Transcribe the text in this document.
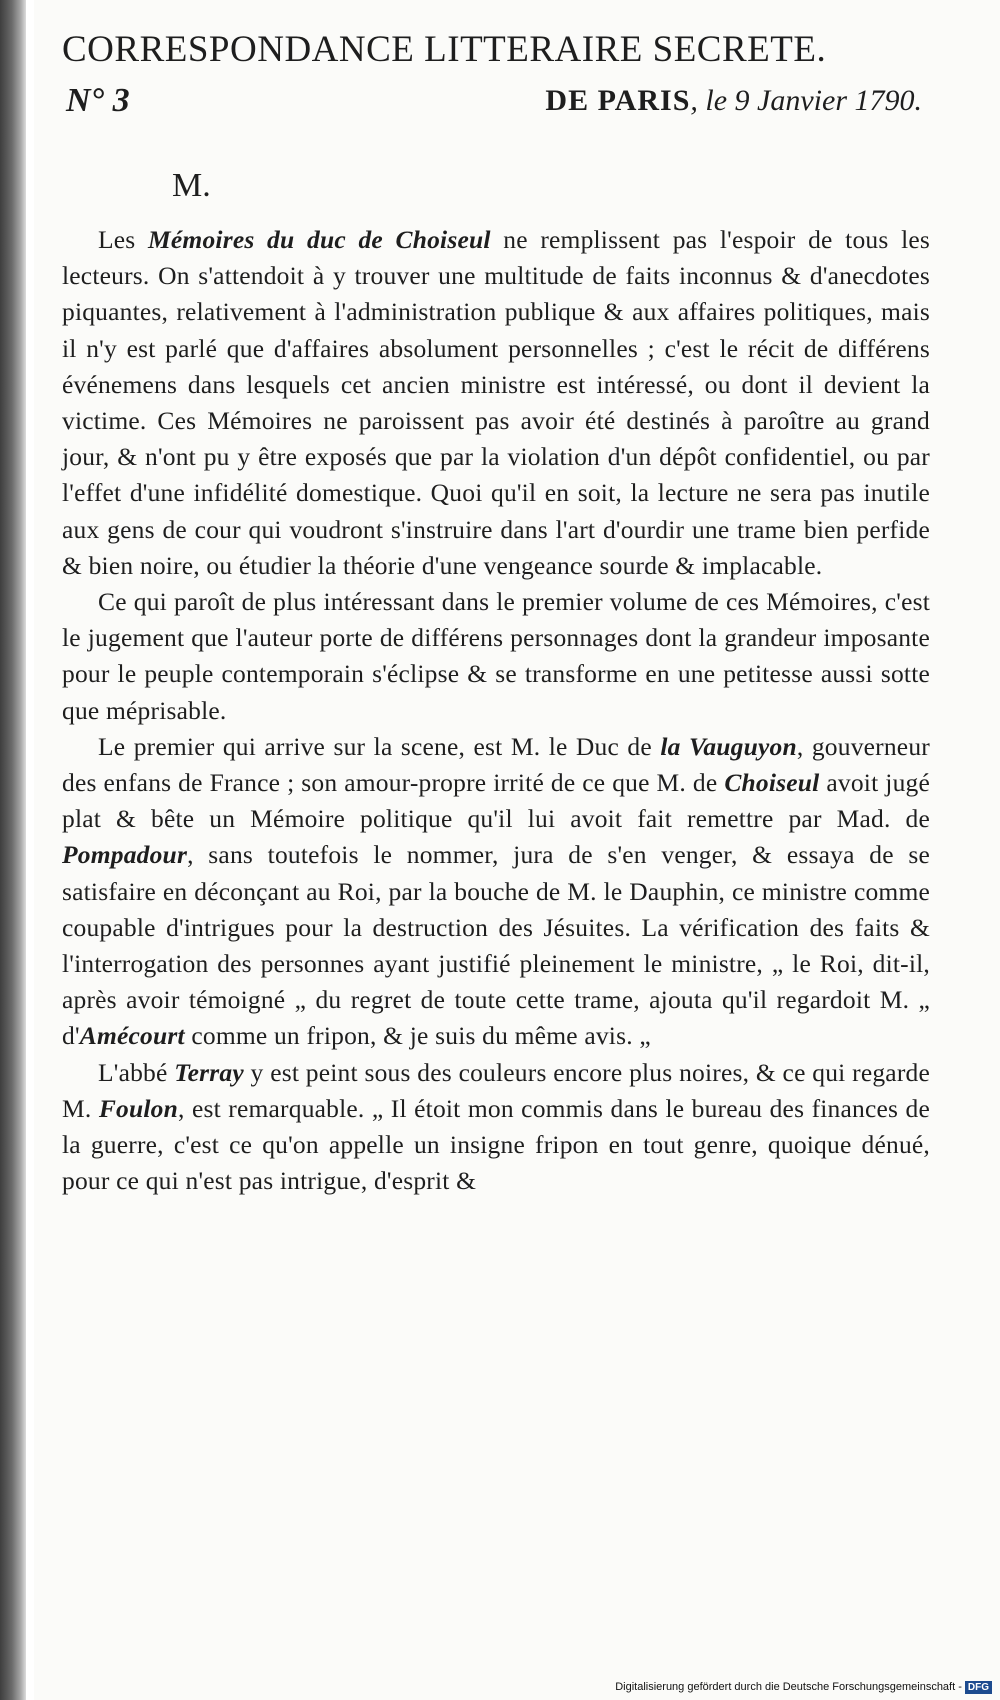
CORRESPONDANCE LITTERAIRE SECRETE.
N° 3	DE PARIS, le 9 Janvier 1790.
M.

Les Mémoires du duc de Choiseul ne remplissent pas l'espoir de tous les lecteurs. On s'attendoit à y trouver une multitude de faits inconnus & d'anecdotes piquantes, relativement à l'administration publique & aux affaires politiques, mais il n'y est parlé que d'affaires absolument personnelles ; c'est le récit de différens événemens dans lesquels cet ancien ministre est intéressé, ou dont il devient la victime. Ces Mémoires ne paroissent pas avoir été destinés à paroître au grand jour, & n'ont pu y être exposés que par la violation d'un dépôt confidentiel, ou par l'effet d'une infidélité domestique. Quoi qu'il en soit, la lecture ne sera pas inutile aux gens de cour qui voudront s'instruire dans l'art d'ourdir une trame bien perfide & bien noire, ou étudier la théorie d'une vengeance sourde & implacable.

Ce qui paroît de plus intéressant dans le premier volume de ces Mémoires, c'est le jugement que l'auteur porte de différens personnages dont la grandeur imposante pour le peuple contemporain s'éclipse & se transforme en une petitesse aussi sotte que méprisable.

Le premier qui arrive sur la scene, est M. le Duc de la Vauguyon, gouverneur des enfans de France ; son amour-propre irrité de ce que M. de Choiseul avoit jugé plat & bête un Mémoire politique qu'il lui avoit fait remettre par Mad. de Pompadour, sans toutefois le nommer, jura de s'en venger, & essaya de se satisfaire en déconçant au Roi, par la bouche de M. le Dauphin, ce ministre comme coupable d'intrigues pour la destruction des Jésuites. La vérification des faits & l'interrogation des personnes ayant justifié pleinement le ministre, „ le Roi, dit-il, après avoir témoigné „ du regret de toute cette trame, ajouta qu'il regardoit M. „ d'Amécourt comme un fripon, & je suis du même avis. „

L'abbé Terray y est peint sous des couleurs encore plus noires, & ce qui regarde M. Foulon, est remarquable. „ Il étoit mon commis dans le bureau des finances de la guerre, c'est ce qu'on appelle un insigne fripon en tout genre, quoique dénué, pour ce qui n'est pas intrigue, d'esprit &

Digitalisierung gefördert durch die Deutsche Forschungsgemeinschaft - DFG
